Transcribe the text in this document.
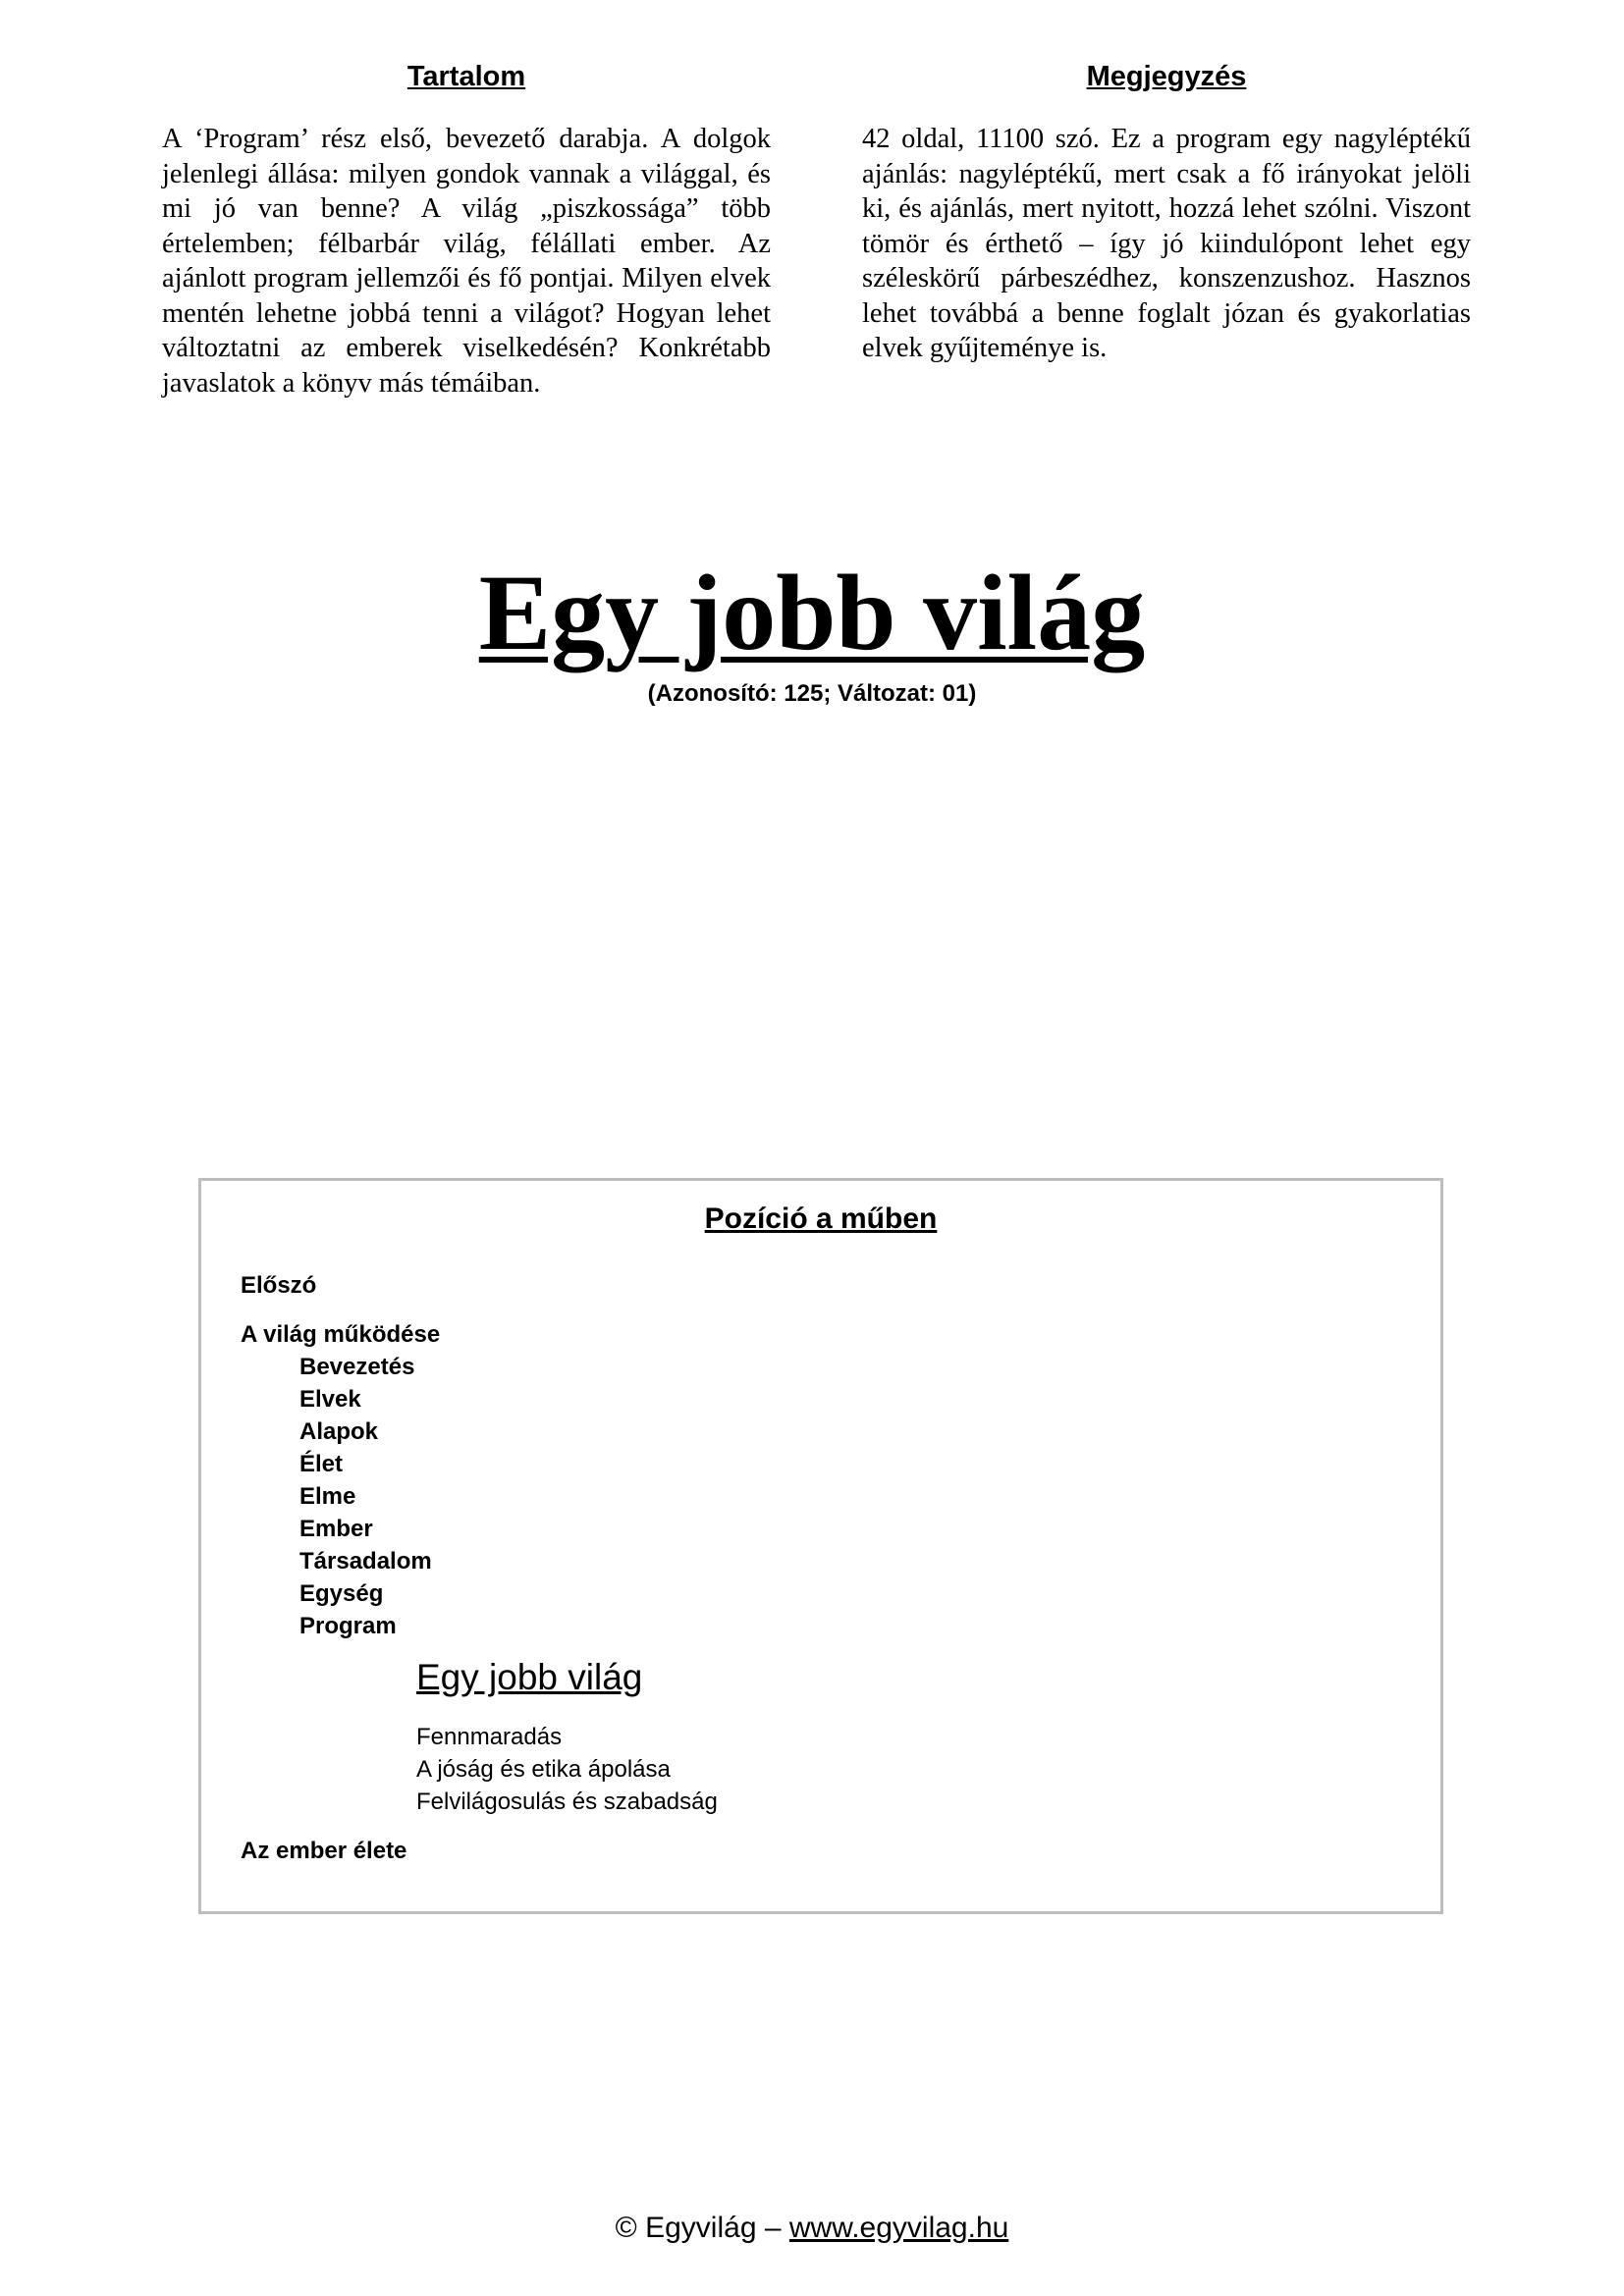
Tartalom

A ‘Program’ rész első, bevezető darabja. A dolgok jelenlegi állása: milyen gondok vannak a világgal, és mi jó van benne? A világ „piszkossága” több értelemben; félbarbár világ, félállati ember. Az ajánlott program jellemzői és fő pontjai. Milyen elvek mentén lehetne jobbá tenni a világot? Hogyan lehet változtatni az emberek viselkedésén? Konkrétabb javaslatok a könyv más témáiban.

Megjegyzés

42 oldal, 11100 szó. Ez a program egy nagyléptékű ajánlás: nagyléptékű, mert csak a fő irányokat jelöli ki, és ajánlás, mert nyitott, hozzá lehet szólni. Viszont tömör és érthető – így jó kiindulópont lehet egy széleskörű párbeszédhez, konszenzushoz. Hasznos lehet továbbá a benne foglalt józan és gyakorlatias elvek gyűjteménye is.

Egy jobb világ
(Azonosító: 125; Változat: 01)
Pozíció a műben
Előszó
A világ működése
Bevezetés
Elvek
Alapok
Élet
Elme
Ember
Társadalom
Egység
Program
Egy jobb világ
Fennmaradás
A jóság és etika ápolása
Felvilágosulás és szabadság
Az ember élete
© Egyvilág – www.egyvilag.hu
